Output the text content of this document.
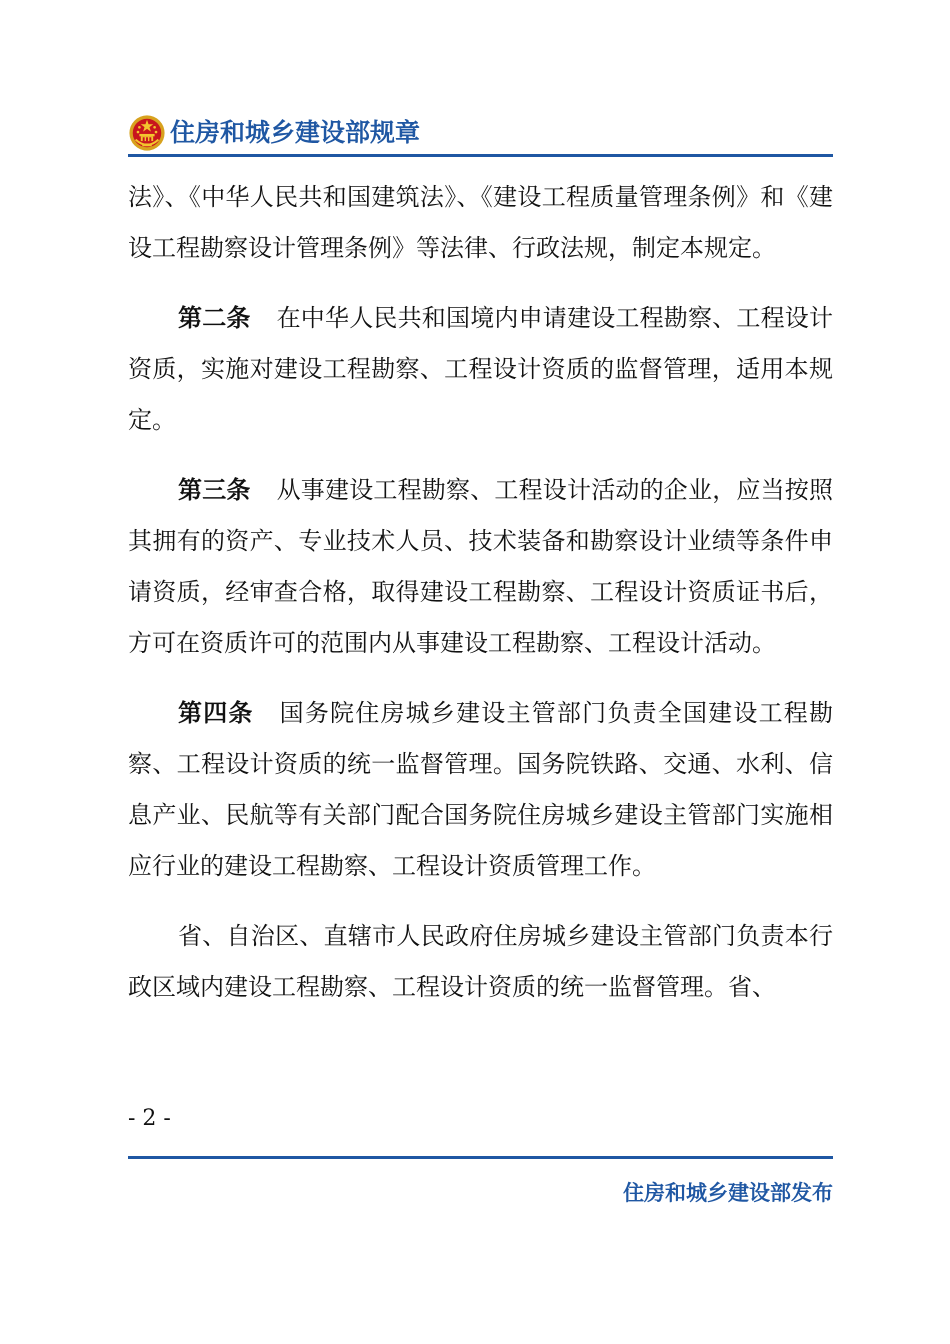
住房和城乡建设部规章

法》、《中华人民共和国建筑法》、《建设工程质量管理条例》和《建设工程勘察设计管理条例》等法律、行政法规，制定本规定。

第二条 在中华人民共和国境内申请建设工程勘察、工程设计资质，实施对建设工程勘察、工程设计资质的监督管理，适用本规定。

第三条 从事建设工程勘察、工程设计活动的企业，应当按照其拥有的资产、专业技术人员、技术装备和勘察设计业绩等条件申请资质，经审查合格，取得建设工程勘察、工程设计资质证书后，方可在资质许可的范围内从事建设工程勘察、工程设计活动。

第四条 国务院住房城乡建设主管部门负责全国建设工程勘察、工程设计资质的统一监督管理。国务院铁路、交通、水利、信息产业、民航等有关部门配合国务院住房城乡建设主管部门实施相应行业的建设工程勘察、工程设计资质管理工作。

省、自治区、直辖市人民政府住房城乡建设主管部门负责本行政区域内建设工程勘察、工程设计资质的统一监督管理。省、

- 2 -
住房和城乡建设部发布
